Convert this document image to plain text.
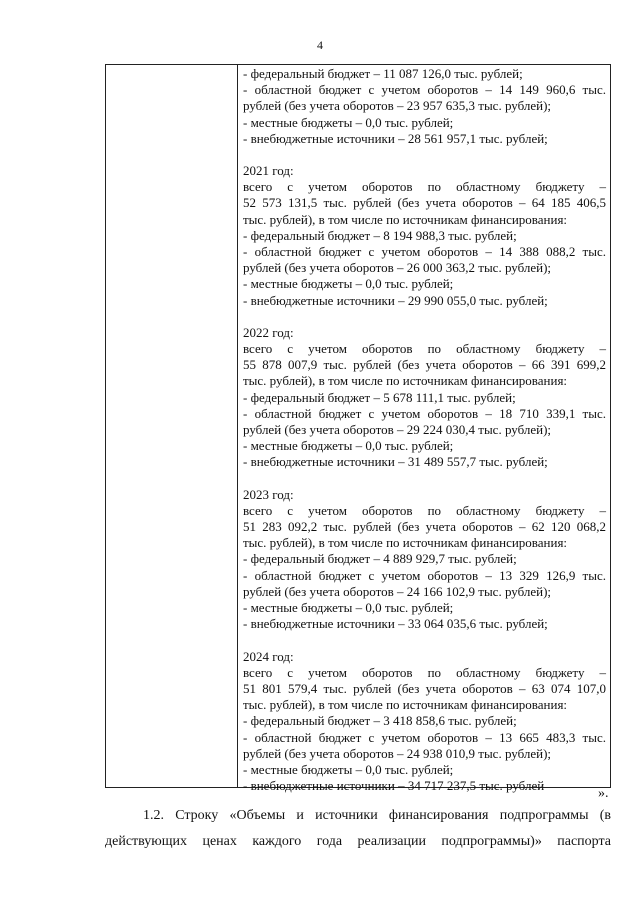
4
- федеральный бюджет – 11 087 126,0 тыс. рублей;
- областной бюджет с учетом оборотов – 14 149 960,6 тыс.
рублей (без учета оборотов – 23 957 635,3 тыс. рублей);
- местные бюджеты – 0,0 тыс. рублей;
- внебюджетные источники – 28 561 957,1 тыс. рублей;
2021 год:
всего с учетом оборотов по областному бюджету –
52 573 131,5 тыс. рублей (без учета оборотов – 64 185 406,5
тыс. рублей), в том числе по источникам финансирования:
- федеральный бюджет – 8 194 988,3 тыс. рублей;
- областной бюджет с учетом оборотов – 14 388 088,2 тыс.
рублей (без учета оборотов – 26 000 363,2 тыс. рублей);
- местные бюджеты – 0,0 тыс. рублей;
- внебюджетные источники – 29 990 055,0 тыс. рублей;
2022 год:
всего с учетом оборотов по областному бюджету –
55 878 007,9 тыс. рублей (без учета оборотов – 66 391 699,2
тыс. рублей), в том числе по источникам финансирования:
- федеральный бюджет – 5 678 111,1 тыс. рублей;
- областной бюджет с учетом оборотов – 18 710 339,1 тыс.
рублей (без учета оборотов – 29 224 030,4 тыс. рублей);
- местные бюджеты – 0,0 тыс. рублей;
- внебюджетные источники – 31 489 557,7 тыс. рублей;
2023 год:
всего с учетом оборотов по областному бюджету –
51 283 092,2 тыс. рублей (без учета оборотов – 62 120 068,2
тыс. рублей), в том числе по источникам финансирования:
- федеральный бюджет – 4 889 929,7 тыс. рублей;
- областной бюджет с учетом оборотов – 13 329 126,9 тыс.
рублей (без учета оборотов – 24 166 102,9 тыс. рублей);
- местные бюджеты – 0,0 тыс. рублей;
- внебюджетные источники – 33 064 035,6 тыс. рублей;
2024 год:
всего с учетом оборотов по областному бюджету –
51 801 579,4 тыс. рублей (без учета оборотов – 63 074 107,0
тыс. рублей), в том числе по источникам финансирования:
- федеральный бюджет – 3 418 858,6 тыс. рублей;
- областной бюджет с учетом оборотов – 13 665 483,3 тыс.
рублей (без учета оборотов – 24 938 010,9 тыс. рублей);
- местные бюджеты – 0,0 тыс. рублей;
- внебюджетные источники – 34 717 237,5 тыс. рублей
».
1.2. Строку «Объемы и источники финансирования подпрограммы (в
действующих ценах каждого года реализации подпрограммы)» паспорта
